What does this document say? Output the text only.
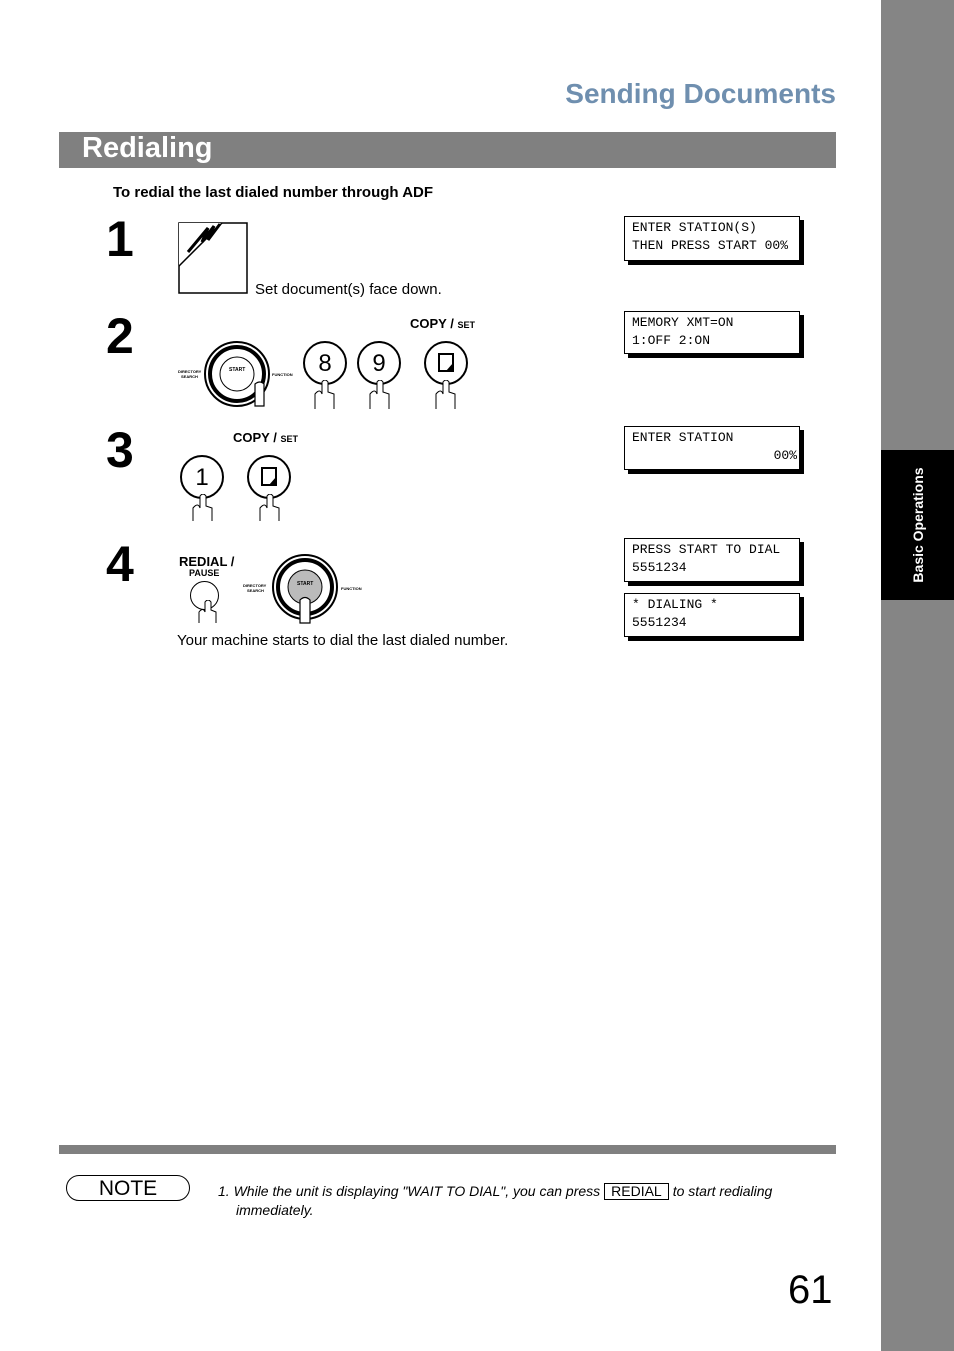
Basic Operations
Sending Documents
Redialing
To redial the last dialed number through ADF
1
Set document(s) face down.
ENTER STATION(S)
THEN PRESS START 00%
2
START
DIRECTORY
SEARCH	FUNCTION
COPY / SET
8	9
MEMORY XMT=ON
1:OFF 2:ON
3	COPY / SET
1
ENTER STATION
00%
4	REDIAL /
PAUSE
START
DIRECTORY
SEARCH	FUNCTION
Your machine starts to dial the last dialed number.
PRESS START TO DIAL
5551234
* DIALING *
5551234
NOTE	1. While the unit is displaying "WAIT TO DIAL", you can press REDIAL to start redialing
immediately.
61
